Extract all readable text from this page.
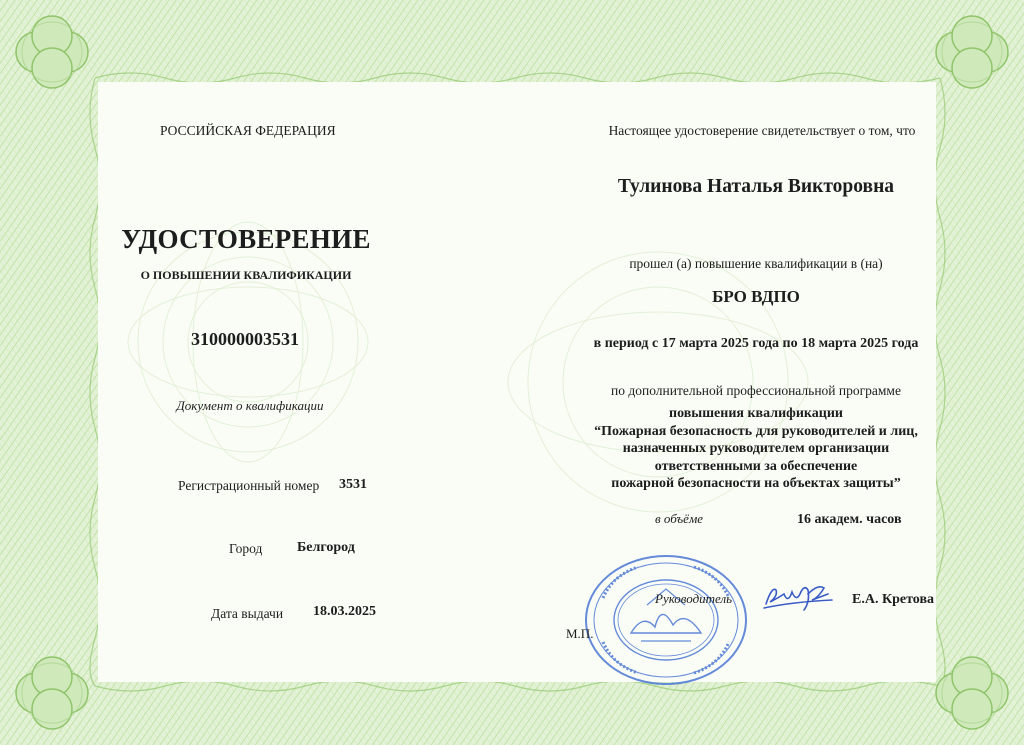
РОССИЙСКАЯ ФЕДЕРАЦИЯ
УДОСТОВЕРЕНИЕ
О ПОВЫШЕНИИ КВАЛИФИКАЦИИ
310000003531
Документ о квалификации
Регистрационный номер 3531
Город Белгород
Дата выдачи 18.03.2025
Настоящее удостоверение свидетельствует о том, что
Тулинова Наталья Викторовна
прошел (а) повышение квалификации в (на)
БРО ВДПО
в период с 17 марта 2025 года по 18 марта 2025 года
по дополнительной профессиональной программе
повышения квалификации
“Пожарная безопасность для руководителей и лиц,
назначенных руководителем организации
ответственными за обеспечение
пожарной безопасности на объектах защиты”
в объёме	16 академ. часов
Руководитель	Е.А. Кретова
М.П.
